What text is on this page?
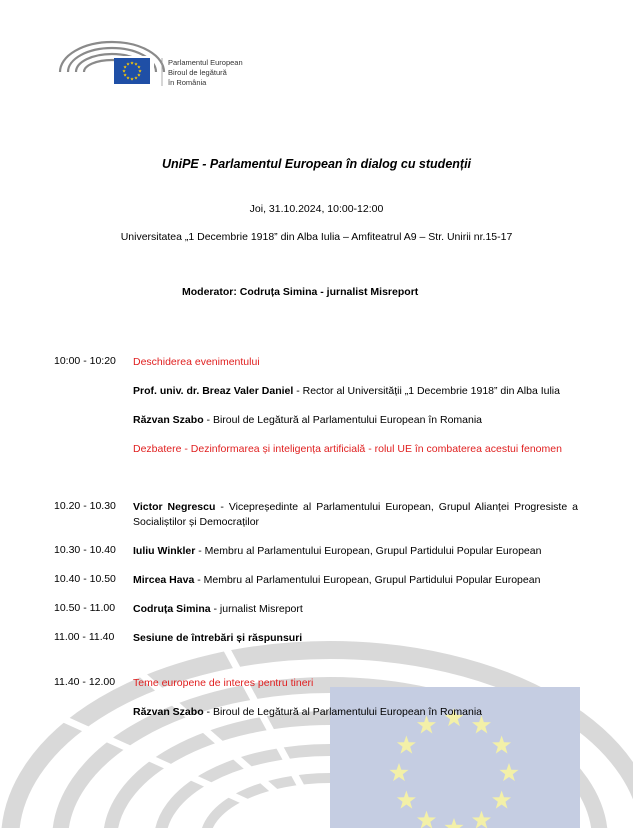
Parlamentul European
Biroul de legătură
în România
UniPE - Parlamentul European în dialog cu studenții
Joi, 31.10.2024, 10:00-12:00
Universitatea „1 Decembrie 1918” din Alba Iulia – Amfiteatrul A9 – Str. Unirii nr.15-17
Moderator: Codruța Simina - jurnalist Misreport
10:00 - 10:20	Deschiderea evenimentului
Prof. univ. dr. Breaz Valer Daniel - Rector al Universității „1 Decembrie 1918” din Alba Iulia
Răzvan Szabo - Biroul de Legătură al Parlamentului European în Romania
Dezbatere - Dezinformarea și inteligența artificială - rolul UE în combaterea acestui fenomen
10.20 - 10.30	Victor Negrescu - Vicepreședinte al Parlamentului European, Grupul Alianței Progresiste a Socialiștilor și Democraților
10.30 - 10.40	Iuliu Winkler - Membru al Parlamentului European, Grupul Partidului Popular European
10.40 - 10.50	Mircea Hava - Membru al Parlamentului European, Grupul Partidului Popular European
10.50 - 11.00	Codruța Simina - jurnalist Misreport
11.00 - 11.40	Sesiune de întrebări și răspunsuri
11.40 - 12.00	Teme europene de interes pentru tineri
Răzvan Szabo - Biroul de Legătură al Parlamentului European în Romania
